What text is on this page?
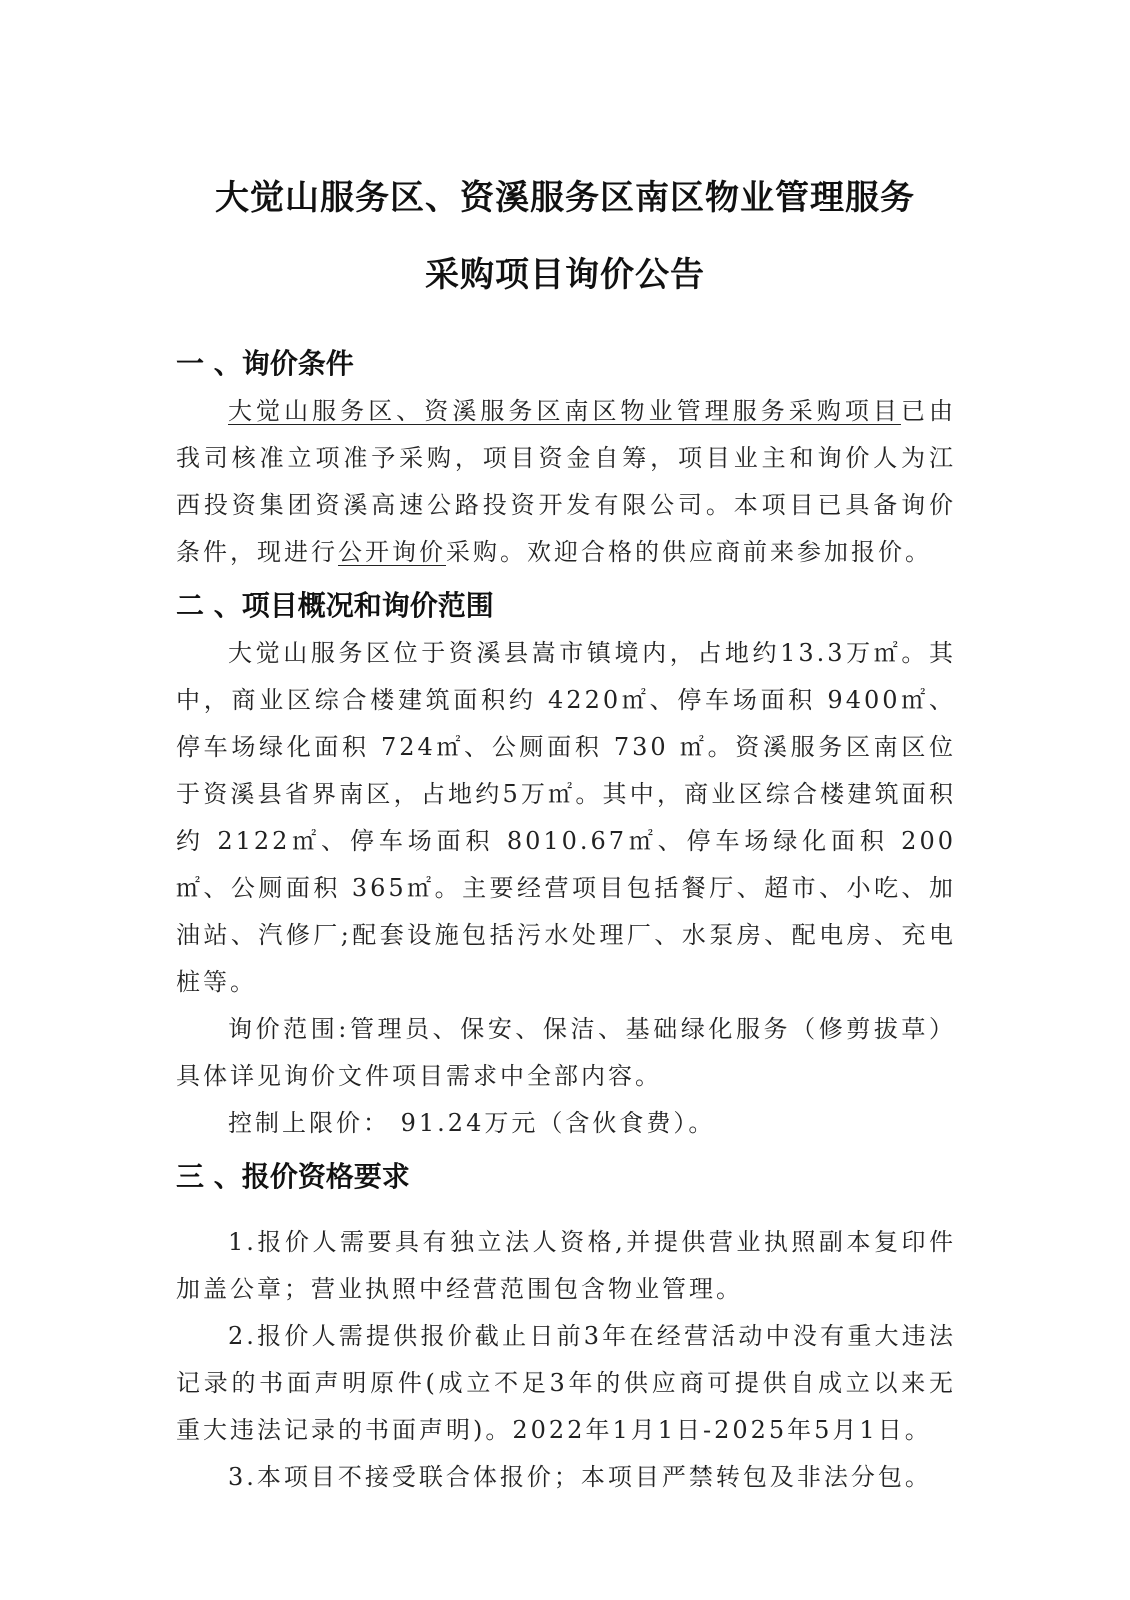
大觉山服务区、资溪服务区南区物业管理服务
采购项目询价公告
一 、询价条件

大觉山服务区、资溪服务区南区物业管理服务采购项目已由我司核准立项准予采购，项目资金自筹，项目业主和询价人为江西投资集团资溪高速公路投资开发有限公司。本项目已具备询价条件，现进行公开询价采购。欢迎合格的供应商前来参加报价。

二 、项目概况和询价范围

大觉山服务区位于资溪县嵩市镇境内，占地约13.3万㎡。其中，商业区综合楼建筑面积约 4220㎡、停车场面积 9400㎡、停车场绿化面积 724㎡、公厕面积 730 ㎡。资溪服务区南区位于资溪县省界南区，占地约5万㎡。其中，商业区综合楼建筑面积约 2122㎡、停车场面积 8010.67㎡、停车场绿化面积 200㎡、公厕面积 365㎡。主要经营项目包括餐厅、超市、小吃、加油站、汽修厂;配套设施包括污水处理厂、水泵房、配电房、充电桩等。

询价范围:管理员、保安、保洁、基础绿化服务（修剪拔草）具体详见询价文件项目需求中全部内容。

控制上限价： 91.24万元（含伙食费）。

三 、报价资格要求

1.报价人需要具有独立法人资格,并提供营业执照副本复印件加盖公章；营业执照中经营范围包含物业管理。

2.报价人需提供报价截止日前3年在经营活动中没有重大违法记录的书面声明原件(成立不足3年的供应商可提供自成立以来无重大违法记录的书面声明)。2022年1月1日-2025年5月1日。

3.本项目不接受联合体报价；本项目严禁转包及非法分包。
